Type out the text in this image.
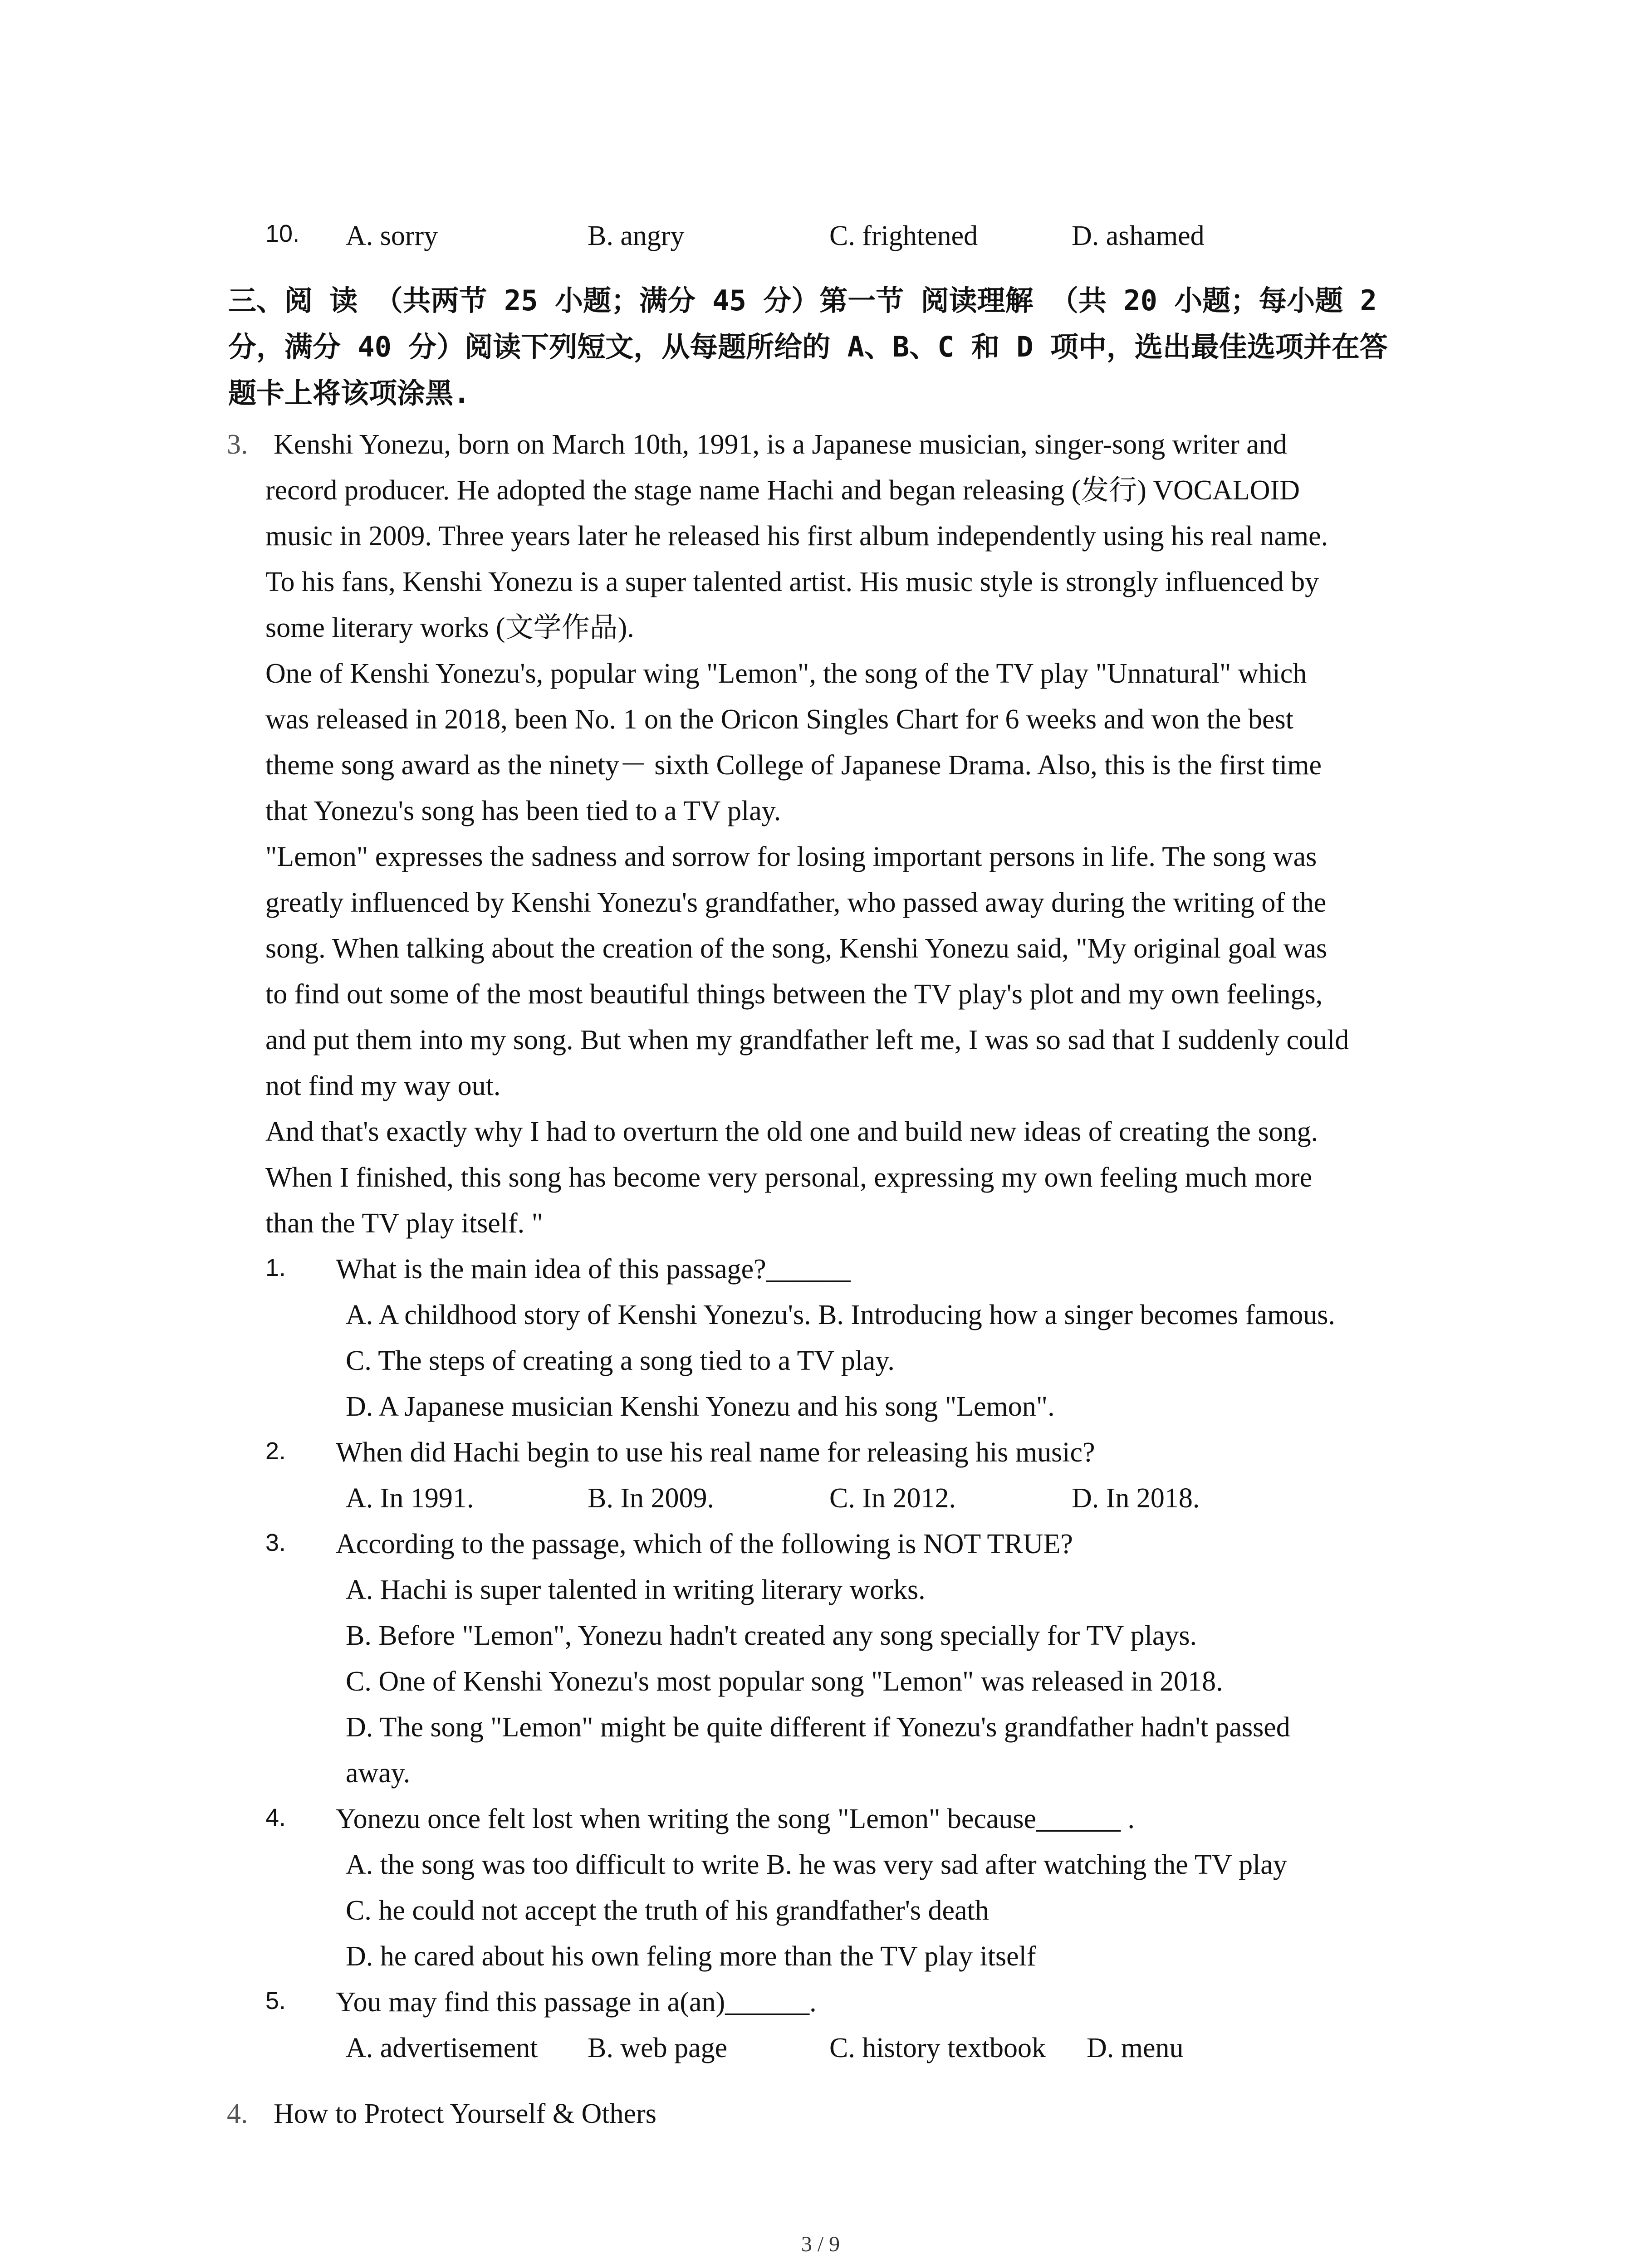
10. A. sorry	B. angry	C. frightened	D. ashamed
三、阅 读 （共两节 25 小题；满分 45 分）第一节 阅读理解 （共 20 小题；每小题 2
分，满分 40 分）阅读下列短文，从每题所给的 A、B、C 和 D 项中，选出最佳选项并在答
题卡上将该项涂黑.
3. Kenshi Yonezu, born on March 10th, 1991, is a Japanese musician, singer-song writer and
record producer. He adopted the stage name Hachi and began releasing (发行) VOCALOID
music in 2009. Three years later he released his first album independently using his real name.
To his fans, Kenshi Yonezu is a super talented artist. His music style is strongly influenced by
some literary works (文学作品).
One of Kenshi Yonezu's, popular wing "Lemon", the song of the TV play "Unnatural" which
was released in 2018, been No. 1 on the Oricon Singles Chart for 6 weeks and won the best
theme song award as the ninety－ sixth College of Japanese Drama. Also, this is the first time
that Yonezu's song has been tied to a TV play.
"Lemon" expresses the sadness and sorrow for losing important persons in life. The song was
greatly influenced by Kenshi Yonezu's grandfather, who passed away during the writing of the
song. When talking about the creation of the song, Kenshi Yonezu said, "My original goal was
to find out some of the most beautiful things between the TV play's plot and my own feelings,
and put them into my song. But when my grandfather left me, I was so sad that I suddenly could
not find my way out.
And that's exactly why I had to overturn the old one and build new ideas of creating the song.
When I finished, this song has become very personal, expressing my own feeling much more
than the TV play itself. "
1. What is the main idea of this passage?______
A. A childhood story of Kenshi Yonezu's. B. Introducing how a singer becomes famous.
C. The steps of creating a song tied to a TV play.
D. A Japanese musician Kenshi Yonezu and his song "Lemon".
2. When did Hachi begin to use his real name for releasing his music?
A. In 1991.	B. In 2009.	C. In 2012.	D. In 2018.
3. According to the passage, which of the following is NOT TRUE?
A. Hachi is super talented in writing literary works.
B. Before "Lemon", Yonezu hadn't created any song specially for TV plays.
C. One of Kenshi Yonezu's most popular song "Lemon" was released in 2018.
D. The song "Lemon" might be quite different if Yonezu's grandfather hadn't passed
away.
4. Yonezu once felt lost when writing the song "Lemon" because______ .
A. the song was too difficult to write B. he was very sad after watching the TV play
C. he could not accept the truth of his grandfather's death
D. he cared about his own feling more than the TV play itself
5. You may find this passage in a(an)______.
A. advertisement B. web page	C. history textbook D. menu
4. How to Protect Yourself & Others
3 / 9
